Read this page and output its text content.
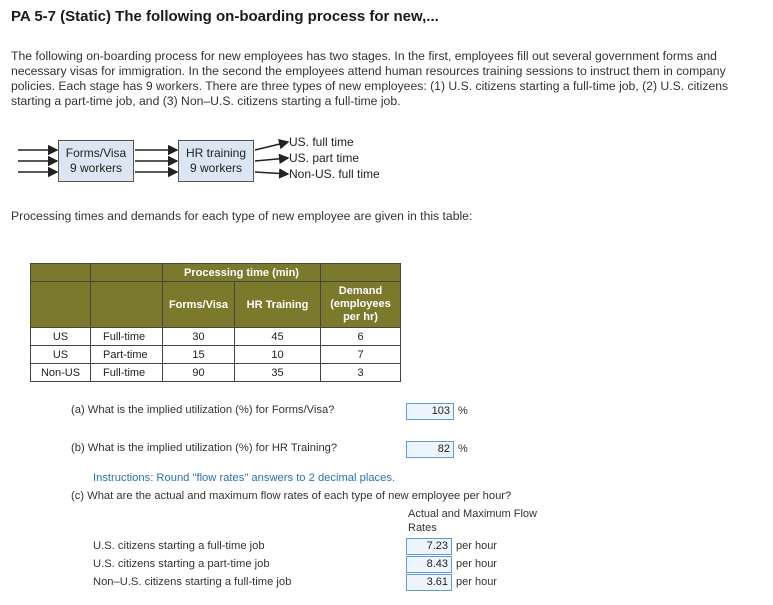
PA 5-7 (Static) The following on-boarding process for new,...
The following on-boarding process for new employees has two stages. In the first, employees fill out several government forms and necessary visas for immigration. In the second the employees attend human resources training sessions to instruct them in company policies. Each stage has 9 workers. There are three types of new employees: (1) U.S. citizens starting a full-time job, (2) U.S. citizens starting a part-time job, and (3) Non–U.S. citizens starting a full-time job.
Forms/Visa
9 workers
HR training
9 workers
US. full time
US. part time
Non-US. full time
Processing times and demands for each type of new employee are given in this table:
		Processing time (min)		
		Forms/Visa	HR Training	Demand
(employees
per hr)

US	Full-time	30	45	6
US	Part-time	15	10	7
Non-US	Full-time	90	35	3
(a) What is the implied utilization (%) for Forms/Visa?	103 %
(b) What is the implied utilization (%) for HR Training?	82 %
Instructions: Round "flow rates" answers to 2 decimal places.
(c) What are the actual and maximum flow rates of each type of new employee per hour?
Actual and Maximum Flow
Rates
U.S. citizens starting a full-time job	7.23 per hour
U.S. citizens starting a part-time job	8.43 per hour
Non–U.S. citizens starting a full-time job	3.61 per hour
